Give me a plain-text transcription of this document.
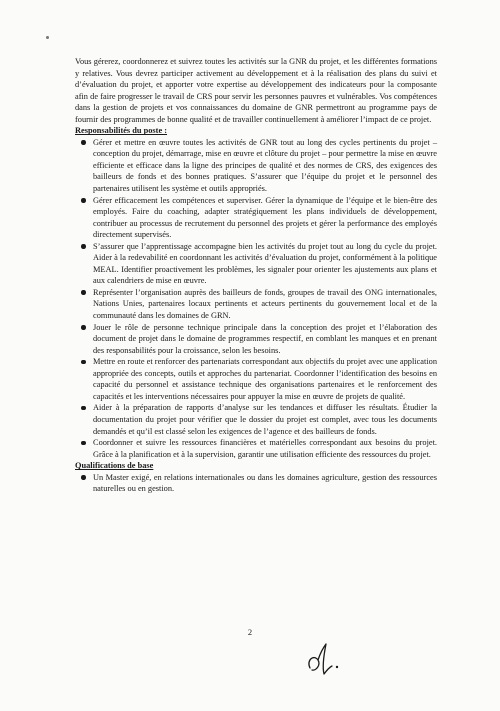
Vous gérerez, coordonnerez et suivrez toutes les activités sur la GNR du projet, et les différentes formations y relatives. Vous devrez participer activement au développement et à la réalisation des plans du suivi et d’évaluation du projet, et apporter votre expertise au développement des indicateurs pour la composante afin de faire progresser le travail de CRS pour servir les personnes pauvres et vulnérables. Vos compétences dans la gestion de projets et vos connaissances du domaine de GNR permettront au programme pays de fournir des programmes de bonne qualité et de travailler continuellement à améliorer l’impact de ce projet.

Responsabilités du poste :

Gérer et mettre en œuvre toutes les activités de GNR tout au long des cycles pertinents du projet – conception du projet, démarrage, mise en œuvre et clôture du projet – pour permettre la mise en œuvre efficiente et efficace dans la ligne des principes de qualité et des normes de CRS, des exigences des bailleurs de fonds et des bonnes pratiques. S’assurer que l’équipe du projet et le personnel des partenaires utilisent les système et outils appropriés.
Gérer efficacement les compétences et superviser. Gérer la dynamique de l’équipe et le bien-être des employés. Faire du coaching, adapter stratégiquement les plans individuels de développement, contribuer au processus de recrutement du personnel des projets et gérer la performance des employés directement supervisés.
S’assurer que l’apprentissage accompagne bien les activités du projet tout au long du cycle du projet. Aider à la redevabilité en coordonnant les activités d’évaluation du projet, conformément à la politique MEAL. Identifier proactivement les problèmes, les signaler pour orienter les ajustements aux plans et aux calendriers de mise en œuvre.
Représenter l’organisation auprès des bailleurs de fonds, groupes de travail des ONG internationales, Nations Unies, partenaires locaux pertinents et acteurs pertinents du gouvernement local et de la communauté dans les domaines de GRN.
Jouer le rôle de personne technique principale dans la conception des projet et l’élaboration des document de projet dans le domaine de programmes respectif, en comblant les manques et en prenant des responsabilités pour la croissance, selon les besoins.
Mettre en route et renforcer des partenariats correspondant aux objectifs du projet avec une application appropriée des concepts, outils et approches du partenariat. Coordonner l’identification des besoins en capacité du personnel et assistance technique des organisations partenaires et le renforcement des capacités et les interventions nécessaires pour appuyer la mise en œuvre de projets de qualité.
Aider à la préparation de rapports d’analyse sur les tendances et diffuser les résultats. Étudier la documentation du projet pour vérifier que le dossier du projet est complet, avec tous les documents demandés et qu’il est classé selon les exigences de l’agence et des bailleurs de fonds.
Coordonner et suivre les ressources financières et matérielles correspondant aux besoins du projet. Grâce à la planification et à la supervision, garantir une utilisation efficiente des ressources du projet.

Qualifications de base

Un Master exigé, en relations internationales ou dans les domaines agriculture, gestion des ressources naturelles ou en gestion.
2
